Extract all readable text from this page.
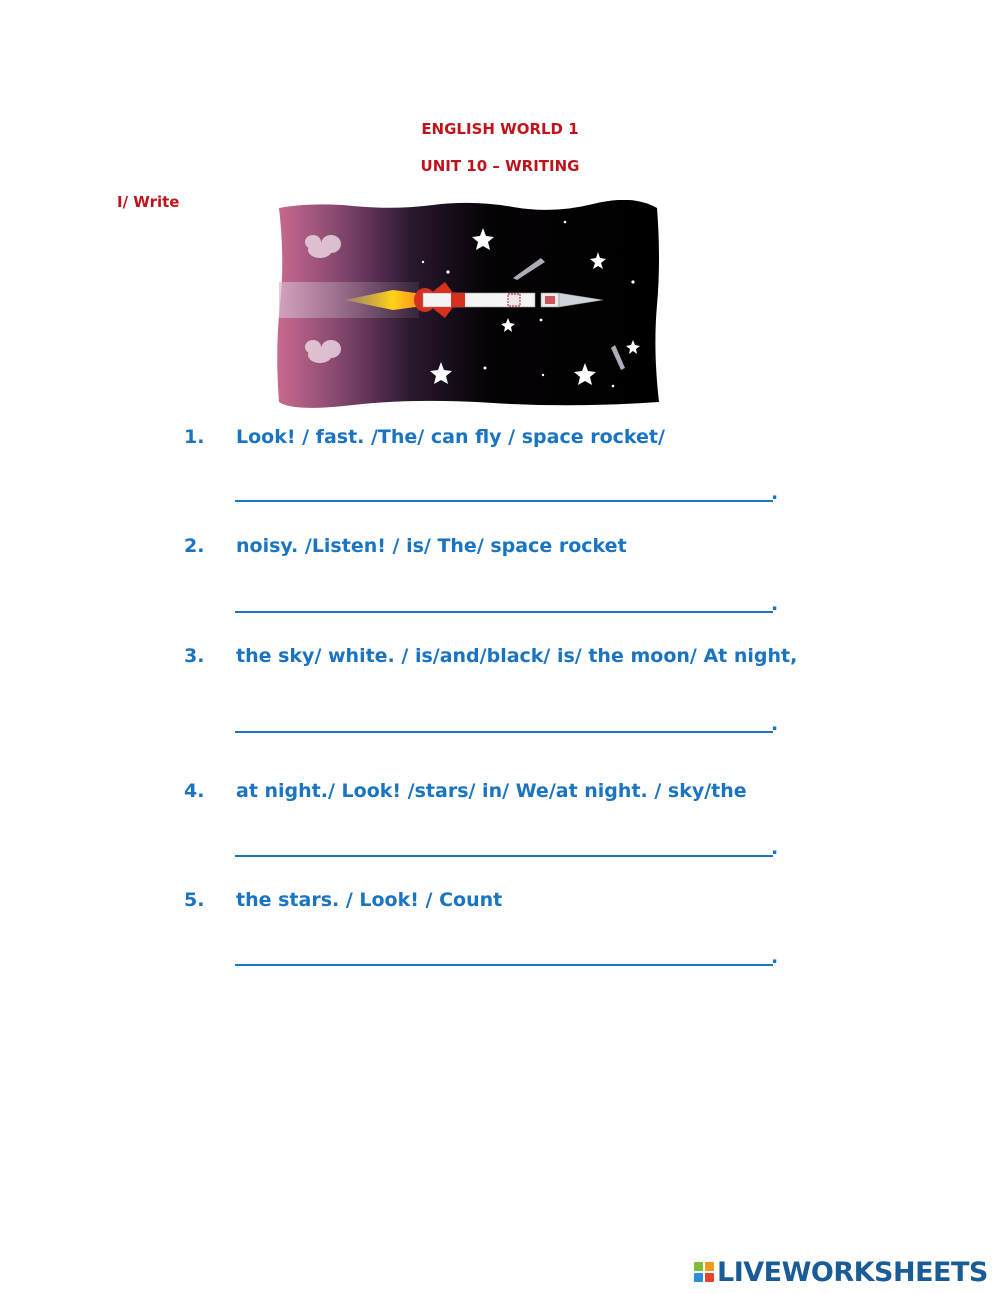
ENGLISH WORLD 1
UNIT 10 – WRITING
I/ Write
1.	Look! / fast. /The/ can fly / space rocket/
.
2.	noisy. /Listen! / is/ The/ space rocket
.
3.	the sky/ white. / is/and/black/ is/ the moon/ At night,
.
4.	at night./ Look! /stars/ in/ We/at night. / sky/the
.
5.	the stars. / Look! / Count
.
LIVEWORKSHEETS
